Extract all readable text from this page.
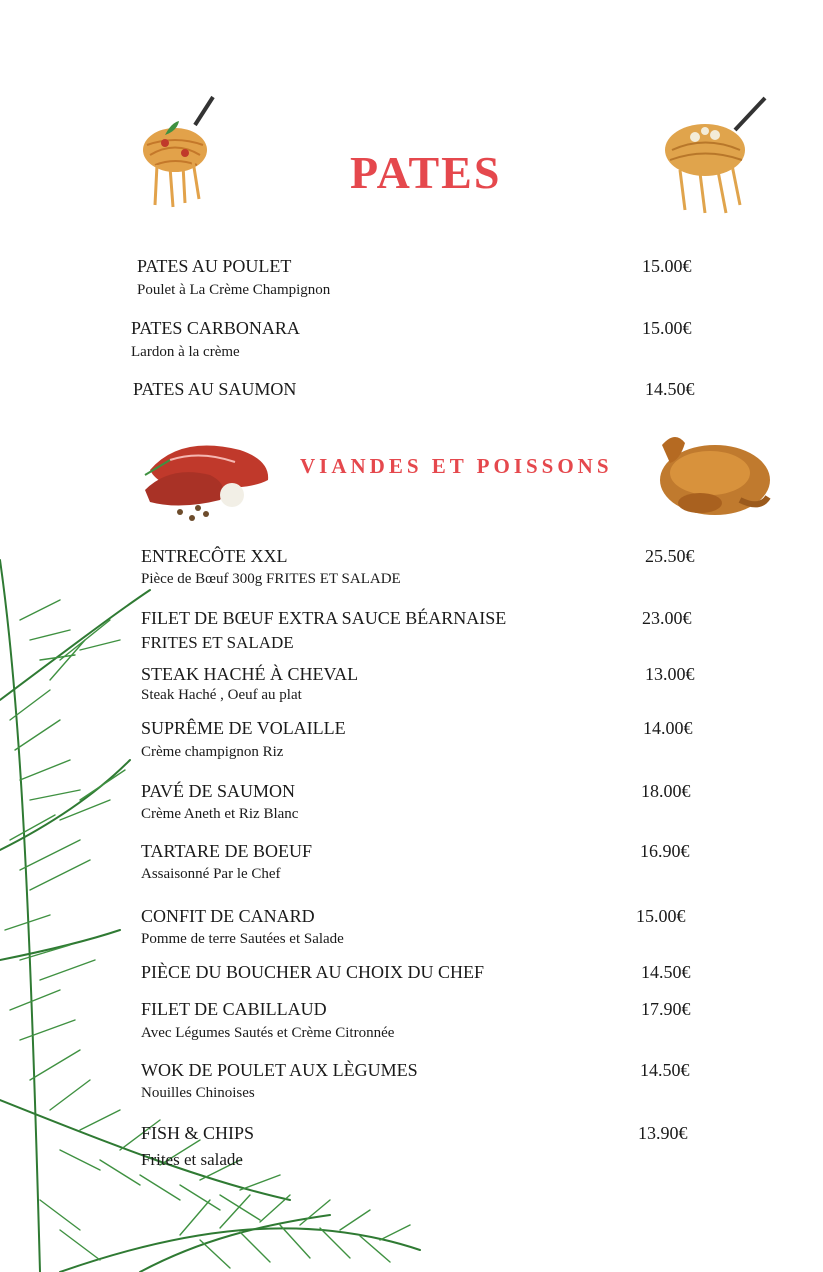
PATES
VIANDES ET POISSONS
PATES AU POULET
Poulet à La Crème Champignon
15.00€
PATES CARBONARA
Lardon à la crème
15.00€
PATES AU SAUMON	14.50€
ENTRECÔTE XXL
Pièce de Bœuf 300g FRITES ET SALADE
25.50€
FILET DE BŒUF EXTRA SAUCE BÉARNAISE
FRITES ET SALADE
23.00€
STEAK HACHÉ À CHEVAL
Steak Haché , Oeuf au plat
13.00€
SUPRÊME DE VOLAILLE
Crème champignon Riz
14.00€
PAVÉ DE SAUMON
Crème Aneth et Riz Blanc
18.00€
TARTARE DE BOEUF
Assaisonné Par le Chef
16.90€
CONFIT DE CANARD
Pomme de terre Sautées et Salade
15.00€
PIÈCE DU BOUCHER AU CHOIX DU CHEF	14.50€
FILET DE CABILLAUD
Avec Légumes Sautés et Crème Citronnée
17.90€
WOK DE POULET AUX LÈGUMES
Nouilles Chinoises
14.50€
FISH & CHIPS
Frites et salade
13.90€
